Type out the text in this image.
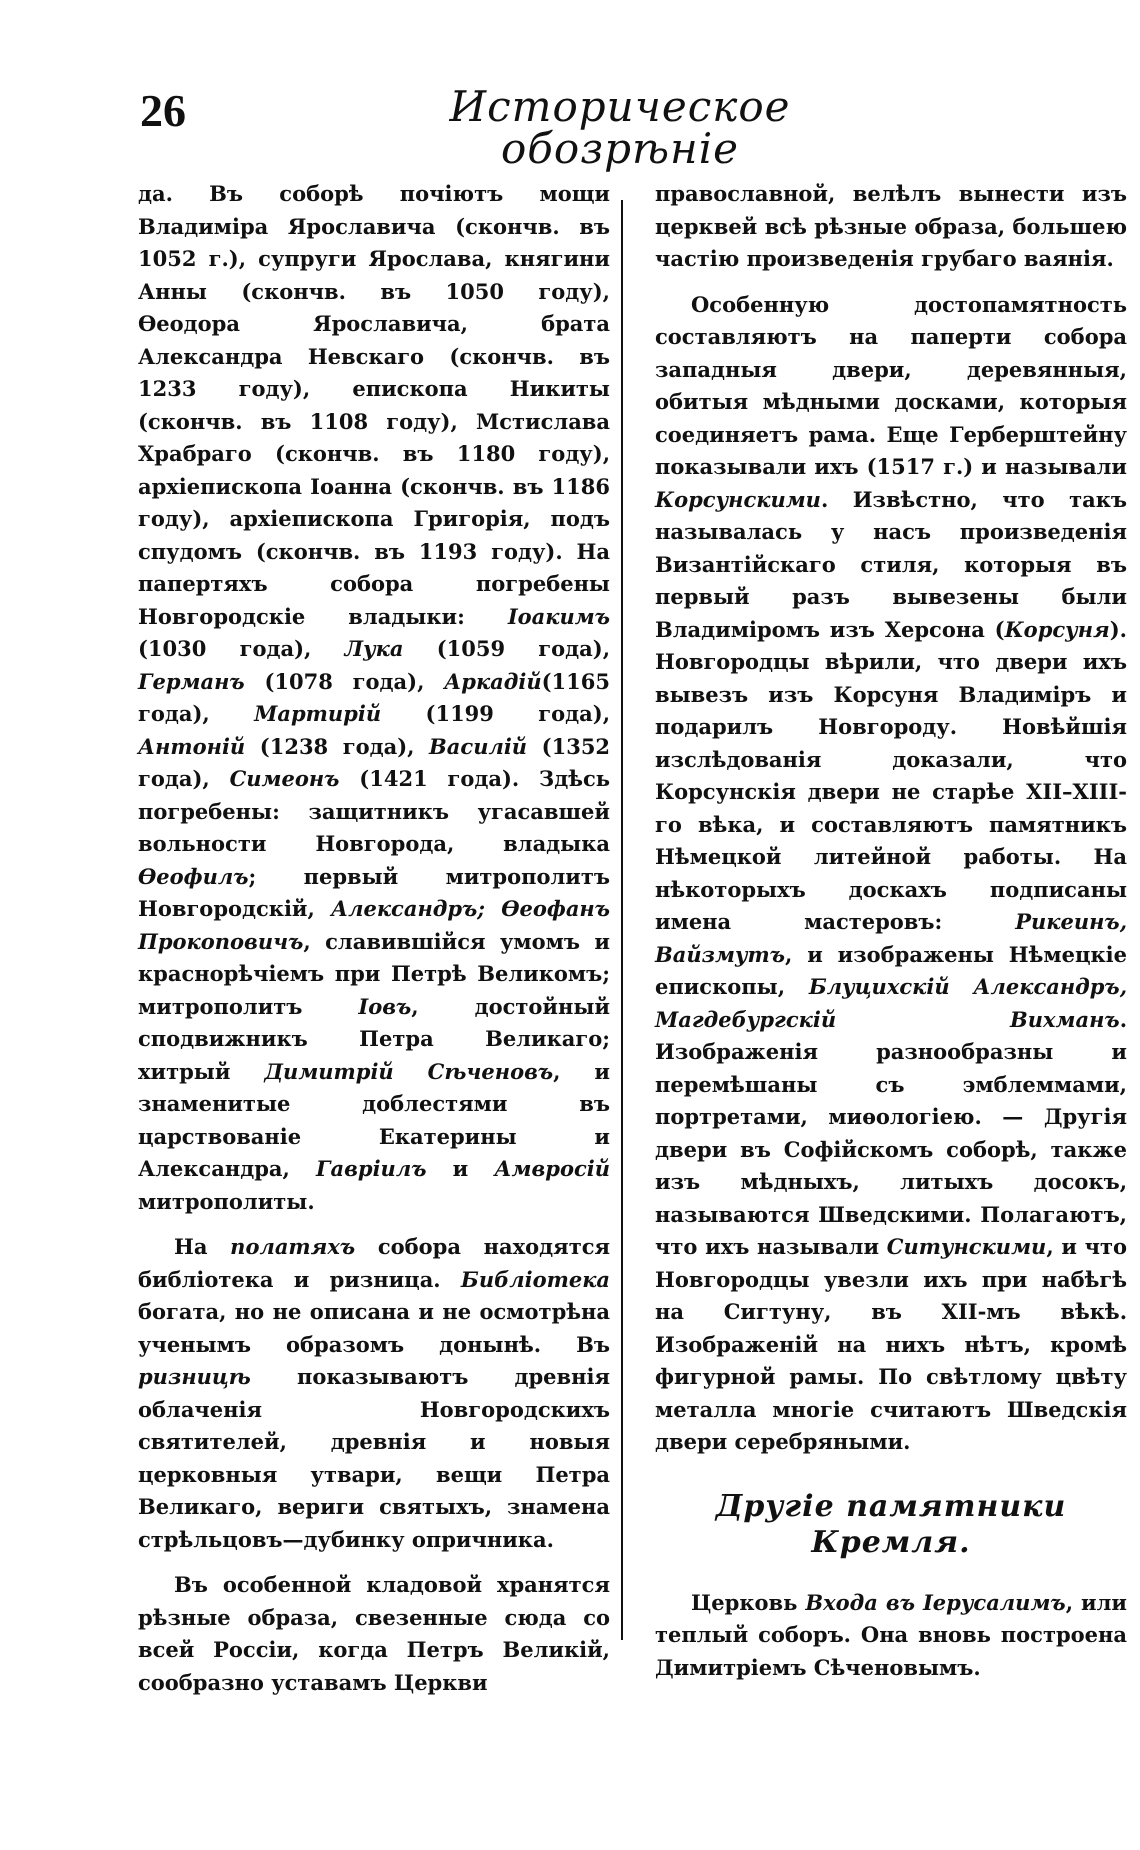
26	Историческое обозрѣніе

да. Въ соборѣ почіютъ мощи Владиміра Ярославича (скончв. въ 1052 г.), супруги Ярослава, княгини Анны (скончв. въ 1050 году), Ѳеодора Ярославича, брата Александра Невскаго (скончв. въ 1233 году), епископа Никиты (скончв. въ 1108 году), Мстислава Храбраго (скончв. въ 1180 году), архіепископа Іоанна (скончв. въ 1186 году), архіепископа Григорія, подъ спудомъ (скончв. въ 1193 году). На папертяхъ собора погребены Новгородскіе владыки: Іоакимъ (1030 года), Лука (1059 года), Германъ (1078 года), Аркадій(1165 года), Мартирій (1199 года), Антоній (1238 года), Василій (1352 года), Симеонъ (1421 года). Здѣсь погребены: защитникъ угасавшей вольности Новгорода, владыка Ѳеофилъ; первый митрополитъ Новгородскій, Александръ; Ѳеофанъ Прокоповичъ, славившійся умомъ и краснорѣчіемъ при Петрѣ Великомъ; митрополитъ	Іовъ, достойный сподвижникъ Петра Великаго; хитрый Димитрій Сѣченовъ, и знаменитые доблестями въ царствованіе Екатерины и Александра, Гавріилъ и Амвросій митрополиты.

На полатяхъ собора находятся библіотека и ризница. Библіотека богата, но не описана и не осмотрѣна ученымъ образомъ донынѣ. Въ ризницѣ показываютъ древнія облаченія Новгородскихъ святителей, древнія и новыя церковныя утвари, вещи Петра Великаго, вериги святыхъ, знамена стрѣльцовъ—дубинку опричника.

Въ особенной кладовой хранятся рѣзные образа, свезенные сюда со всей Россіи, когда Петръ Великій, сообразно уставамъ Церкви

православной, велѣлъ вынести изъ церквей всѣ рѣзные образа, большею частію произведенія грубаго ваянія.

Особенную достопамятность составляютъ на паперти собора западныя двери, деревянныя, обитыя мѣдными досками, которыя соединяетъ рама. Еще Герберштейну показывали ихъ (1517 г.) и называли Корсунскими. Извѣстно, что такъ называлась у насъ произведенія Византійскаго стиля, которыя въ первый разъ вывезены были Владиміромъ изъ Херсона (Корсуня). Новгородцы вѣрили, что двери ихъ вывезъ изъ Корсуня Владиміръ и подарилъ Новгороду. Новѣйшія изслѣдованія доказали, что Корсунскія двери не старѣе XII–XIII-го вѣка, и составляютъ памятникъ Нѣмецкой литейной работы. На нѣкоторыхъ доскахъ подписаны имена мастеровъ:	Рикеинъ, Вайзмутъ, и изображены Нѣмецкіе епископы, Блуцихскій Александръ, Магдебургскій Вихманъ. Изображенія разнообразны и перемѣшаны съ эмблеммами, портретами, миѳологіею. — Другія двери въ Софійскомъ соборѣ, также изъ мѣдныхъ, литыхъ досокъ, называются Шведскими. Полагаютъ, что ихъ называли Ситунскими, и что Новгородцы увезли ихъ при набѣгѣ на Сигтуну, въ XII-мъ вѣкѣ. Изображеній на нихъ нѣтъ, кромѣ фигурной рамы. По свѣтлому цвѣту металла многіе считаютъ Шведскія двери серебряными.

Другіе памятники Кремля.

Церковь Входа въ Іерусалимъ, или теплый соборъ. Она вновь построена Димитріемъ Сѣченовымъ.
